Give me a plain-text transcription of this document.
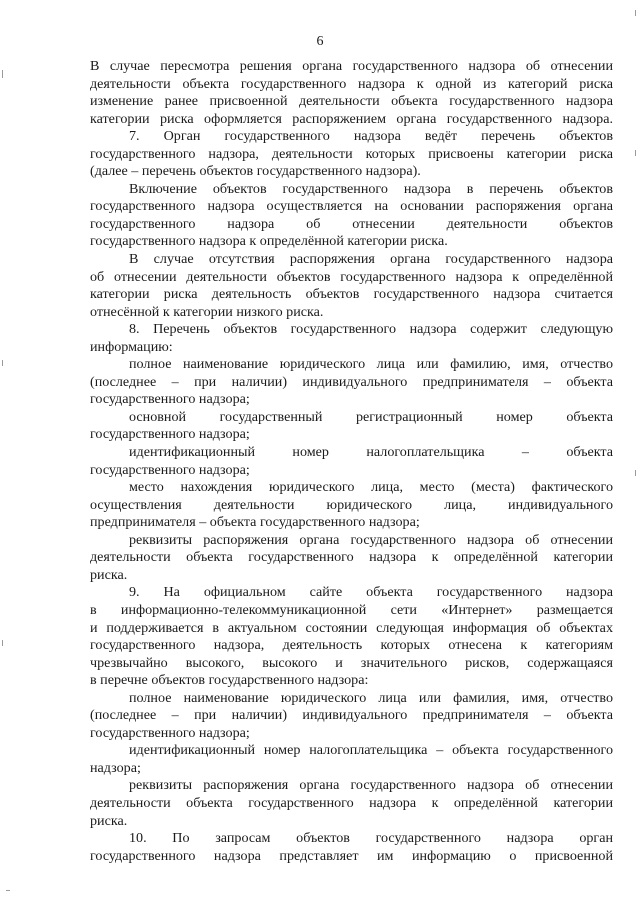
6
В случае пересмотра решения органа государственного надзора об отнесении
деятельности объекта государственного надзора к одной из категорий риска
изменение ранее присвоенной деятельности объекта государственного надзора
категории риска оформляется распоряжением органа государственного надзора.
7. Орган государственного надзора ведёт перечень объектов
государственного надзора, деятельности которых присвоены категории риска
(далее – перечень объектов государственного надзора).
Включение объектов государственного надзора в перечень объектов
государственного надзора осуществляется на основании распоряжения органа
государственного надзора об отнесении деятельности объектов
государственного надзора к определённой категории риска.
В случае отсутствия распоряжения органа государственного надзора
об отнесении деятельности объектов государственного надзора к определённой
категории риска деятельность объектов государственного надзора считается
отнесённой к категории низкого риска.
8. Перечень объектов государственного надзора содержит следующую
информацию:
полное наименование юридического лица или фамилию, имя, отчество
(последнее – при наличии) индивидуального предпринимателя – объекта
государственного надзора;
основной государственный регистрационный номер объекта
государственного надзора;
идентификационный номер налогоплательщика – объекта
государственного надзора;
место нахождения юридического лица, место (места) фактического
осуществления деятельности юридического лица, индивидуального
предпринимателя – объекта государственного надзора;
реквизиты распоряжения органа государственного надзора об отнесении
деятельности объекта государственного надзора к определённой категории
риска.
9. На официальном сайте объекта государственного надзора
в информационно-телекоммуникационной сети «Интернет» размещается
и поддерживается в актуальном состоянии следующая информация об объектах
государственного надзора, деятельность которых отнесена к категориям
чрезвычайно высокого, высокого и значительного рисков, содержащаяся
в перечне объектов государственного надзора:
полное наименование юридического лица или фамилия, имя, отчество
(последнее – при наличии) индивидуального предпринимателя – объекта
государственного надзора;
идентификационный номер налогоплательщика – объекта государственного
надзора;
реквизиты распоряжения органа государственного надзора об отнесении
деятельности объекта государственного надзора к определённой категории
риска.
10. По запросам объектов государственного надзора орган
государственного надзора представляет им информацию о присвоенной
